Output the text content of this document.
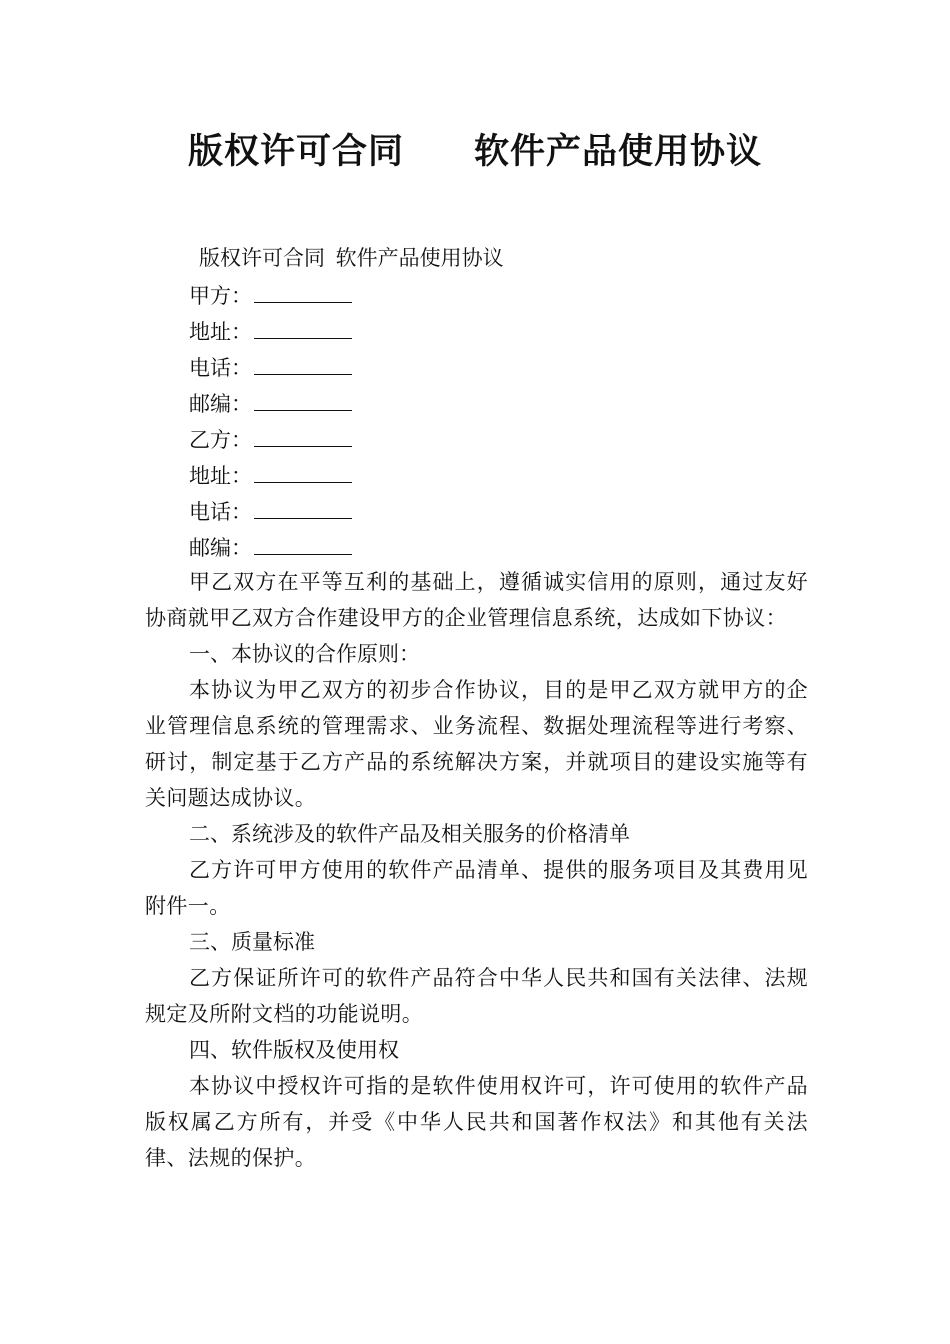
版权许可合同 软件产品使用协议

版权许可合同 软件产品使用协议

甲方：
地址：
电话：
邮编：
乙方：
地址：
电话：
邮编：

甲乙双方在平等互利的基础上，遵循诚实信用的原则，通过友好协商就甲乙双方合作建设甲方的企业管理信息系统，达成如下协议：

一、本协议的合作原则：

本协议为甲乙双方的初步合作协议，目的是甲乙双方就甲方的企业管理信息系统的管理需求、业务流程、数据处理流程等进行考察、研讨，制定基于乙方产品的系统解决方案，并就项目的建设实施等有关问题达成协议。

二、系统涉及的软件产品及相关服务的价格清单

乙方许可甲方使用的软件产品清单、提供的服务项目及其费用见附件一。

三、质量标准

乙方保证所许可的软件产品符合中华人民共和国有关法律、法规规定及所附文档的功能说明。

四、软件版权及使用权

本协议中授权许可指的是软件使用权许可，许可使用的软件产品版权属乙方所有，并受《中华人民共和国著作权法》和其他有关法律、法规的保护。
